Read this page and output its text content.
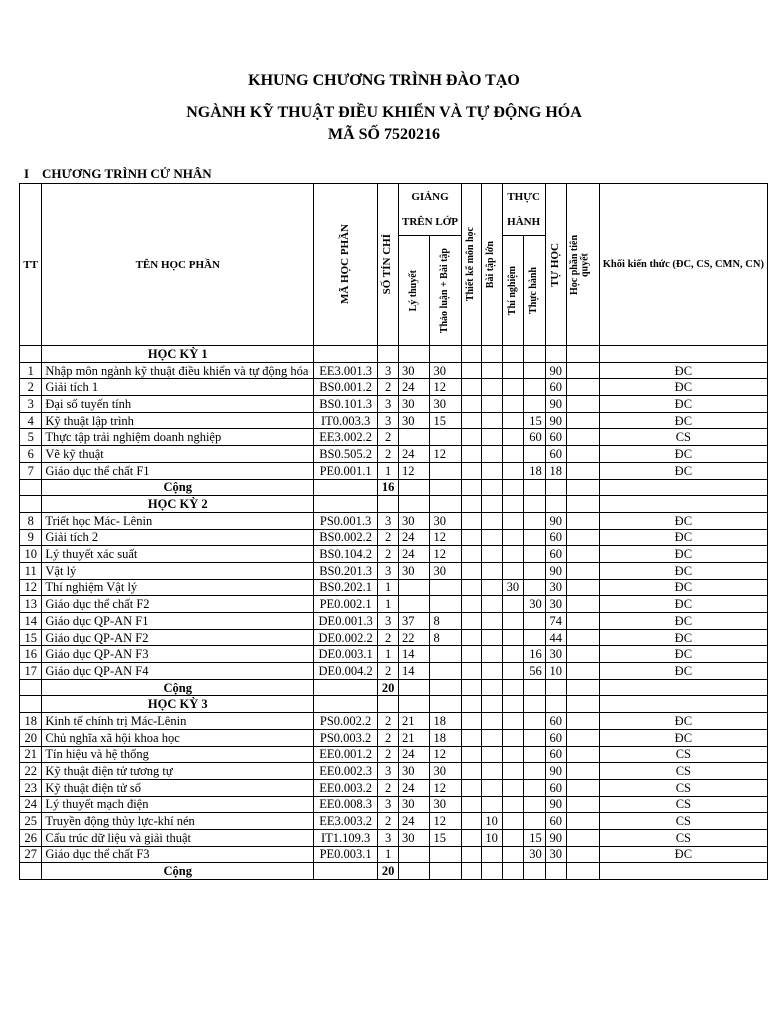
KHUNG CHƯƠNG TRÌNH ĐÀO TẠO
NGÀNH KỸ THUẬT ĐIỀU KHIỂN VÀ TỰ ĐỘNG HÓA
MÃ SỐ 7520216
I CHƯƠNG TRÌNH CỬ NHÂN
TT	TÊN HỌC PHẦN	MÃ HỌC PHẦN	SỐ TÍN CHỈ	GIẢNG		Thiết kế môn học	Bài tập lớn	THỰC		TỰ HỌC	Học phần tiên quyết	Khối kiến thức (ĐC, CS, CMN, CN)
				TRÊN LỚP				HÀNH				

				Lý thuyết	Thảo luận + Bài tập			Thí nghiệm	Thực hành			

	HỌC KỲ 1											
1	Nhập môn ngành kỹ thuật điều khiển và tự động hóa	EE3.001.3	3	30	30					90		ĐC
2	Giải tích 1	BS0.001.2	2	24	12					60		ĐC
3	Đại số tuyến tính	BS0.101.3	3	30	30					90		ĐC
4	Kỹ thuật lập trình	IT0.003.3	3	30	15				15	90		ĐC
5	Thực tập trải nghiệm doanh nghiệp	EE3.002.2	2						60	60		CS
6	Vẽ kỹ thuật	BS0.505.2	2	24	12					60		ĐC
7	Giáo dục thể chất F1	PE0.001.1	1	12					18	18		ĐC
	Cộng		16									
	HỌC KỲ 2											
8	Triết học Mác- Lênin	PS0.001.3	3	30	30					90		ĐC
9	Giải tích 2	BS0.002.2	2	24	12					60		ĐC
10	Lý thuyết xác suất	BS0.104.2	2	24	12					60		ĐC
11	Vật lý	BS0.201.3	3	30	30					90		ĐC
12	Thí nghiệm Vật lý	BS0.202.1	1					30		30		ĐC
13	Giáo dục thể chất F2	PE0.002.1	1						30	30		ĐC
14	Giáo dục QP-AN F1	DE0.001.3	3	37	8					74		ĐC
15	Giáo dục QP-AN F2	DE0.002.2	2	22	8					44		ĐC
16	Giáo dục QP-AN F3	DE0.003.1	1	14					16	30		ĐC
17	Giáo dục QP-AN F4	DE0.004.2	2	14					56	10		ĐC
	Cộng		20									
	HỌC KỲ 3											
18	Kinh tế chính trị Mác-Lênin	PS0.002.2	2	21	18					60		ĐC
20	Chủ nghĩa xã hội khoa học	PS0.003.2	2	21	18					60		ĐC
21	Tín hiệu và hệ thống	EE0.001.2	2	24	12					60		CS
22	Kỹ thuật điện tử tương tự	EE0.002.3	3	30	30					90		CS
23	Kỹ thuật điện tử số	EE0.003.2	2	24	12					60		CS
24	Lý thuyết mạch điện	EE0.008.3	3	30	30					90		CS
25	Truyền động thủy lực-khí nén	EE3.003.2	2	24	12		10			60		CS
26	Cấu trúc dữ liệu và giải thuật	IT1.109.3	3	30	15		10		15	90		CS
27	Giáo dục thể chất F3	PE0.003.1	1						30	30		ĐC
	Cộng		20									
